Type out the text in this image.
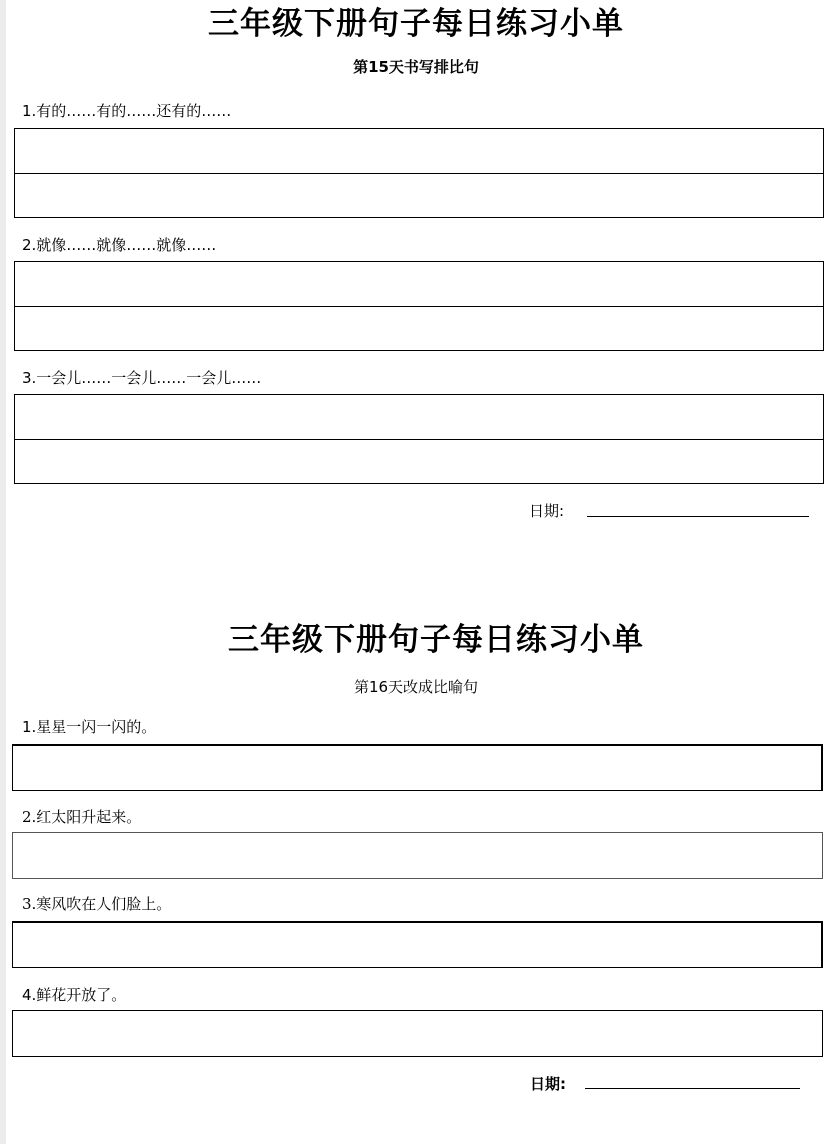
三年级下册句子每日练习小单
第15天书写排比句
1.有的……有的……还有的……
2.就像……就像……就像……
3.一会儿……一会儿……一会儿……
日期:
三年级下册句子每日练习小单
第16天改成比喻句
1.星星一闪一闪的。
2.红太阳升起来。
3.寒风吹在人们脸上。
4.鲜花开放了。
日期:
